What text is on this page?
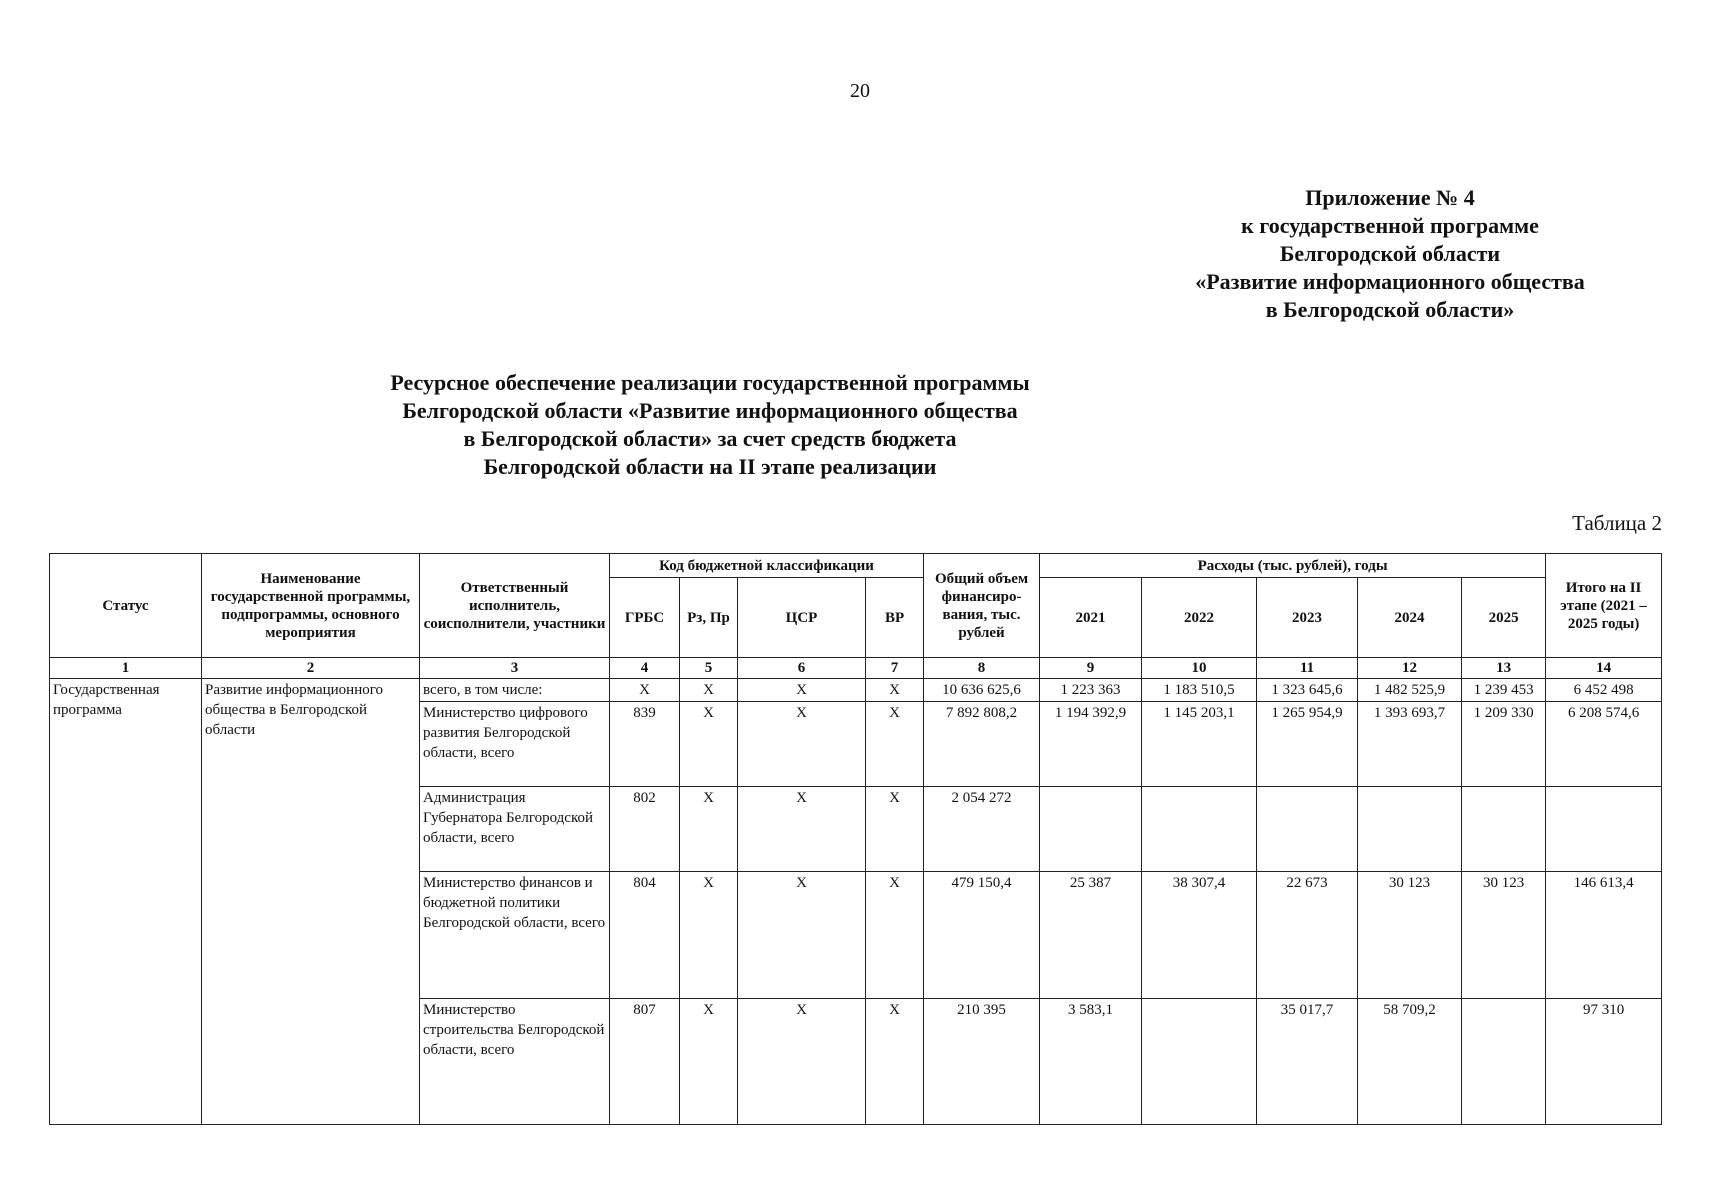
20
Приложение № 4
к государственной программе
Белгородской области
«Развитие информационного общества
в Белгородской области»
Ресурсное обеспечение реализации государственной программы
Белгородской области «Развитие информационного общества
в Белгородской области» за счет средств бюджета
Белгородской области на II этапе реализации
Таблица 2
Статус	Наименование государственной программы, подпрограммы, основного мероприятия	Ответственный исполнитель, соисполнители, участники	Код бюджетной классификации				Общий объем финансиро-вания, тыс. рублей	Расходы (тыс. рублей), годы					Итого на II этапе (2021 – 2025 годы)
			ГРБС	Рз, Пр	ЦСР	ВР		2021	2022	2023	2024	2025	
1	2	3	4	5	6	7	8	9	10	11	12	13	14
Государственная программа	Развитие информационного общества в Белгородской области	всего, в том числе:	X	X	X	X	10 636 625,6	1 223 363	1 183 510,5	1 323 645,6	1 482 525,9	1 239 453	6 452 498
		Министерство цифрового развития Белгородской области, всего	839	X	X	X	7 892 808,2	1 194 392,9	1 145 203,1	1 265 954,9	1 393 693,7	1 209 330	6 208 574,6
		Администрация Губернатора Белгородской области, всего	802	X	X	X	2 054 272						
		Министерство финансов и бюджетной политики Белгородской области, всего	804	X	X	X	479 150,4	25 387	38 307,4	22 673	30 123	30 123	146 613,4
		Министерство строительства Белгородской области, всего	807	X	X	X	210 395	3 583,1		35 017,7	58 709,2		97 310
